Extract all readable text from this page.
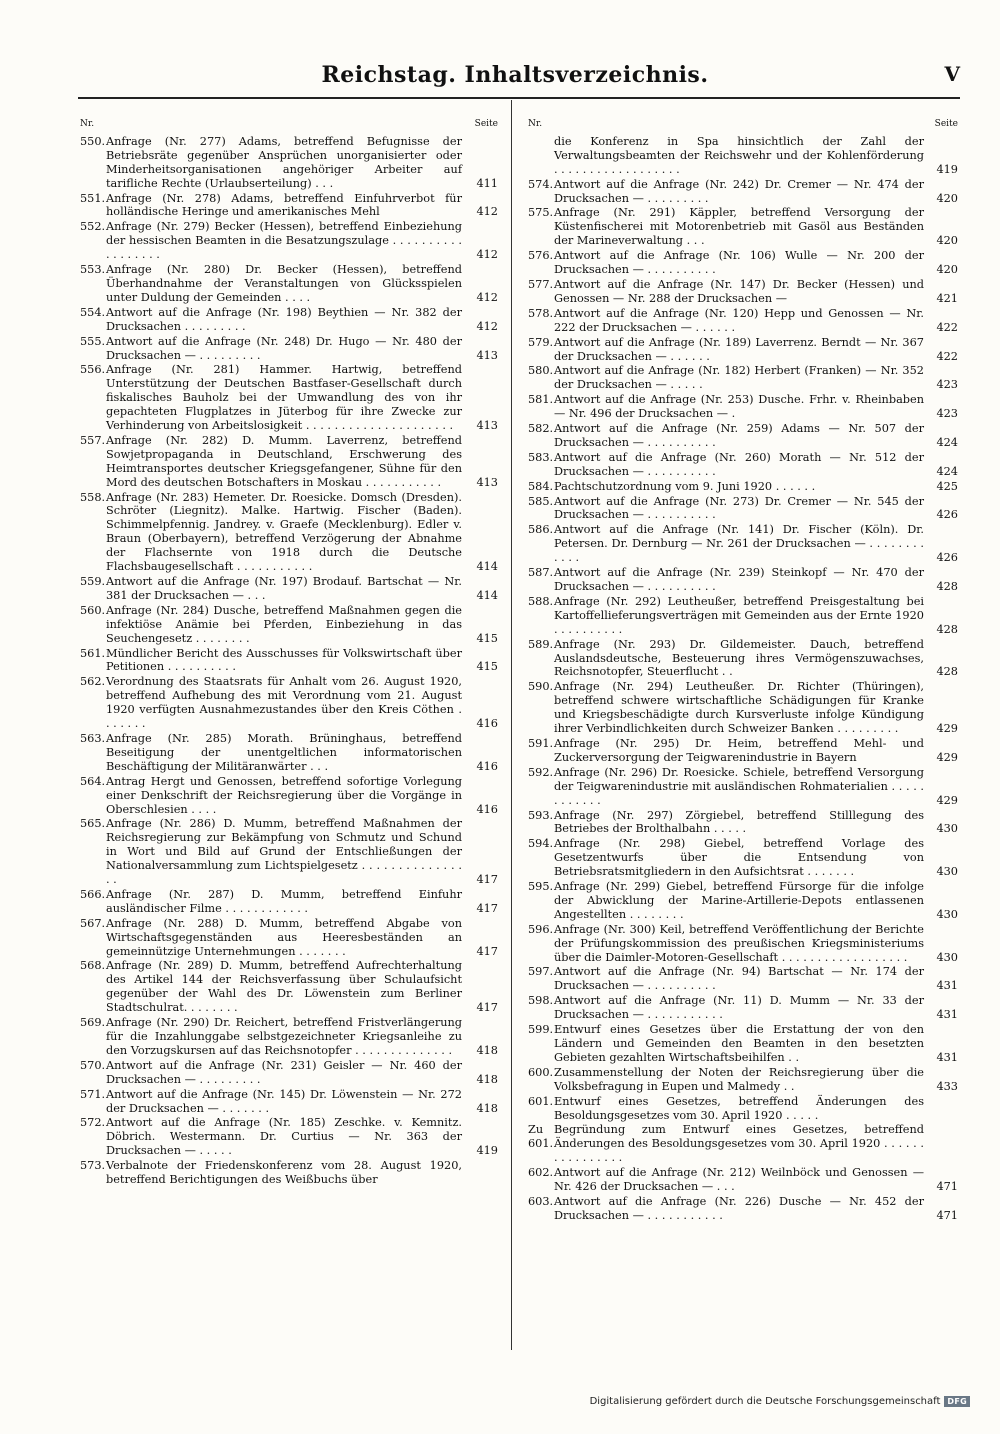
Reichstag. Inhaltsverzeichnis.	V
Nr.	Seite
550. Anfrage (Nr. 277) Adams, betreffend Befugnisse der Betriebsräte gegenüber Ansprüchen unorganisierter oder Minderheitsorganisationen angehöriger Arbeiter auf tarifliche Rechte (Urlaubserteilung) . . .	411
551. Anfrage (Nr. 278) Adams, betreffend Einfuhrverbot für holländische Heringe und amerikanisches Mehl	412
552. Anfrage (Nr. 279) Becker (Hessen), betreffend Einbeziehung der hessischen Beamten in die Besatzungszulage . . . . . . . . . . . . . . . . . .	412
553. Anfrage (Nr. 280) Dr. Becker (Hessen), betreffend Überhandnahme der Veranstaltungen von Glücksspielen unter Duldung der Gemeinden . . . .	412
554. Antwort auf die Anfrage (Nr. 198) Beythien — Nr. 382 der Drucksachen . . . . . . . . .	412
555. Antwort auf die Anfrage (Nr. 248) Dr. Hugo — Nr. 480 der Drucksachen — . . . . . . . . .	413
556. Anfrage (Nr. 281) Hammer. Hartwig, betreffend Unterstützung der Deutschen Bastfaser-Gesellschaft durch fiskalisches Bauholz bei der Umwandlung des von ihr gepachteten Flugplatzes in Jüterbog für ihre Zwecke zur Verhinderung von Arbeitslosigkeit . . . . . . . . . . . . . . . . . . . . .	413
557. Anfrage (Nr. 282) D. Mumm. Laverrenz, betreffend Sowjetpropaganda in Deutschland, Erschwerung des Heimtransportes deutscher Kriegsgefangener, Sühne für den Mord des deutschen Botschafters in Moskau . . . . . . . . . . .	413
558. Anfrage (Nr. 283) Hemeter. Dr. Roesicke. Domsch (Dresden). Schröter (Liegnitz). Malke. Hartwig. Fischer (Baden). Schimmelpfennig. Jandrey. v. Graefe (Mecklenburg). Edler v. Braun (Oberbayern), betreffend Verzögerung der Abnahme der Flachsernte von 1918 durch die Deutsche Flachsbaugesellschaft . . . . . . . . . . .	414
559. Antwort auf die Anfrage (Nr. 197) Brodauf. Bartschat — Nr. 381 der Drucksachen — . . .	414
560. Anfrage (Nr. 284) Dusche, betreffend Maßnahmen gegen die infektiöse Anämie bei Pferden, Einbeziehung in das Seuchengesetz . . . . . . . .	415
561. Mündlicher Bericht des Ausschusses für Volkswirtschaft über Petitionen . . . . . . . . . .	415
562. Verordnung des Staatsrats für Anhalt vom 26. August 1920, betreffend Aufhebung des mit Verordnung vom 21. August 1920 verfügten Ausnahmezustandes über den Kreis Cöthen . . . . . . .	416
563. Anfrage (Nr. 285) Morath. Brüninghaus, betreffend Beseitigung der unentgeltlichen informatorischen Beschäftigung der Militäranwärter . . .	416
564. Antrag Hergt und Genossen, betreffend sofortige Vorlegung einer Denkschrift der Reichsregierung über die Vorgänge in Oberschlesien . . . .	416
565. Anfrage (Nr. 286) D. Mumm, betreffend Maßnahmen der Reichsregierung zur Bekämpfung von Schmutz und Schund in Wort und Bild auf Grund der Entschließungen der Nationalversammlung zum Lichtspielgesetz . . . . . . . . . . . . . . . .	417
566. Anfrage (Nr. 287) D. Mumm, betreffend Einfuhr ausländischer Filme . . . . . . . . . . . .	417
567. Anfrage (Nr. 288) D. Mumm, betreffend Abgabe von Wirtschaftsgegenständen aus Heeresbeständen an gemeinnützige Unternehmungen . . . . . . .	417
568. Anfrage (Nr. 289) D. Mumm, betreffend Aufrechterhaltung des Artikel 144 der Reichsverfassung über Schulaufsicht gegenüber der Wahl des Dr. Löwenstein zum Berliner Stadtschulrat. . . . . . . .	417
569. Anfrage (Nr. 290) Dr. Reichert, betreffend Fristverlängerung für die Inzahlunggabe selbstgezeichneter Kriegsanleihe zu den Vorzugskursen auf das Reichsnotopfer . . . . . . . . . . . . . .	418
570. Antwort auf die Anfrage (Nr. 231) Geisler — Nr. 460 der Drucksachen — . . . . . . . . .	418
571. Antwort auf die Anfrage (Nr. 145) Dr. Löwenstein — Nr. 272 der Drucksachen — . . . . . . .	418
572. Antwort auf die Anfrage (Nr. 185) Zeschke. v. Kemnitz. Döbrich. Westermann. Dr. Curtius — Nr. 363 der Drucksachen — . . . . .	419
573. Verbalnote der Friedenskonferenz vom 28. August 1920, betreffend Berichtigungen des Weißbuchs über
Nr.	Seite
die Konferenz in Spa hinsichtlich der Zahl der Verwaltungsbeamten der Reichswehr und der Kohlenförderung . . . . . . . . . . . . . . . . . .	419
574. Antwort auf die Anfrage (Nr. 242) Dr. Cremer — Nr. 474 der Drucksachen — . . . . . . . . .	420
575. Anfrage (Nr. 291) Käppler, betreffend Versorgung der Küstenfischerei mit Motorenbetrieb mit Gasöl aus Beständen der Marineverwaltung . . .	420
576. Antwort auf die Anfrage (Nr. 106) Wulle — Nr. 200 der Drucksachen — . . . . . . . . . .	420
577. Antwort auf die Anfrage (Nr. 147) Dr. Becker (Hessen) und Genossen — Nr. 288 der Drucksachen —	421
578. Antwort auf die Anfrage (Nr. 120) Hepp und Genossen — Nr. 222 der Drucksachen — . . . . . .	422
579. Antwort auf die Anfrage (Nr. 189) Laverrenz. Berndt — Nr. 367 der Drucksachen — . . . . . .	422
580. Antwort auf die Anfrage (Nr. 182) Herbert (Franken) — Nr. 352 der Drucksachen — . . . . .	423
581. Antwort auf die Anfrage (Nr. 253) Dusche. Frhr. v. Rheinbaben — Nr. 496 der Drucksachen — .	423
582. Antwort auf die Anfrage (Nr. 259) Adams — Nr. 507 der Drucksachen — . . . . . . . . . .	424
583. Antwort auf die Anfrage (Nr. 260) Morath — Nr. 512 der Drucksachen — . . . . . . . . . .	424
584. Pachtschutzordnung vom 9. Juni 1920 . . . . . .	425
585. Antwort auf die Anfrage (Nr. 273) Dr. Cremer — Nr. 545 der Drucksachen — . . . . . . . . . .	426
586. Antwort auf die Anfrage (Nr. 141) Dr. Fischer (Köln). Dr. Petersen. Dr. Dernburg — Nr. 261 der Drucksachen — . . . . . . . . . . . .	426
587. Antwort auf die Anfrage (Nr. 239) Steinkopf — Nr. 470 der Drucksachen — . . . . . . . . . .	428
588. Anfrage (Nr. 292) Leutheußer, betreffend Preisgestaltung bei Kartoffellieferungsverträgen mit Gemeinden aus der Ernte 1920 . . . . . . . . . .	428
589. Anfrage (Nr. 293) Dr. Gildemeister. Dauch, betreffend Auslandsdeutsche, Besteuerung ihres Vermögenszuwachses, Reichsnotopfer, Steuerflucht . .	428
590. Anfrage (Nr. 294) Leutheußer. Dr. Richter (Thüringen), betreffend schwere wirtschaftliche Schädigungen für Kranke und Kriegsbeschädigte durch Kursverluste infolge Kündigung ihrer Verbindlichkeiten durch Schweizer Banken . . . . . . . . .	429
591. Anfrage (Nr. 295) Dr. Heim, betreffend Mehl- und Zuckerversorgung der Teigwarenindustrie in Bayern	429
592. Anfrage (Nr. 296) Dr. Roesicke. Schiele, betreffend Versorgung der Teigwarenindustrie mit ausländischen Rohmaterialien . . . . . . . . . . . .	429
593. Anfrage (Nr. 297) Zörgiebel, betreffend Stilllegung des Betriebes der Brolthalbahn . . . . .	430
594. Anfrage (Nr. 298) Giebel, betreffend Vorlage des Gesetzentwurfs über die Entsendung von Betriebsratsmitgliedern in den Aufsichtsrat . . . . . . .	430
595. Anfrage (Nr. 299) Giebel, betreffend Fürsorge für die infolge der Abwicklung der Marine-Artillerie-Depots entlassenen Angestellten . . . . . . . .	430
596. Anfrage (Nr. 300) Keil, betreffend Veröffentlichung der Berichte der Prüfungskommission des preußischen Kriegsministeriums über die Daimler-Motoren-Gesellschaft . . . . . . . . . . . . . . . . . .	430
597. Antwort auf die Anfrage (Nr. 94) Bartschat — Nr. 174 der Drucksachen — . . . . . . . . . .	431
598. Antwort auf die Anfrage (Nr. 11) D. Mumm — Nr. 33 der Drucksachen — . . . . . . . . . . .	431
599. Entwurf eines Gesetzes über die Erstattung der von den Ländern und Gemeinden den Beamten in den besetzten Gebieten gezahlten Wirtschaftsbeihilfen . .	431
600. Zusammenstellung der Noten der Reichsregierung über die Volksbefragung in Eupen und Malmedy . .	433
601. Entwurf eines Gesetzes, betreffend Änderungen des Besoldungsgesetzes vom 30. April 1920 . . . . .
Zu 601.
Begründung zum Entwurf eines Gesetzes, betreffend Änderungen des Besoldungsgesetzes vom 30. April 1920 . . . . . . . . . . . . . . . .
602. Antwort auf die Anfrage (Nr. 212) Weilnböck und Genossen — Nr. 426 der Drucksachen — . . .	471
603. Antwort auf die Anfrage (Nr. 226) Dusche — Nr. 452 der Drucksachen — . . . . . . . . . . .	471
Digitalisierung gefördert durch die Deutsche Forschungsgemeinschaft DFG
